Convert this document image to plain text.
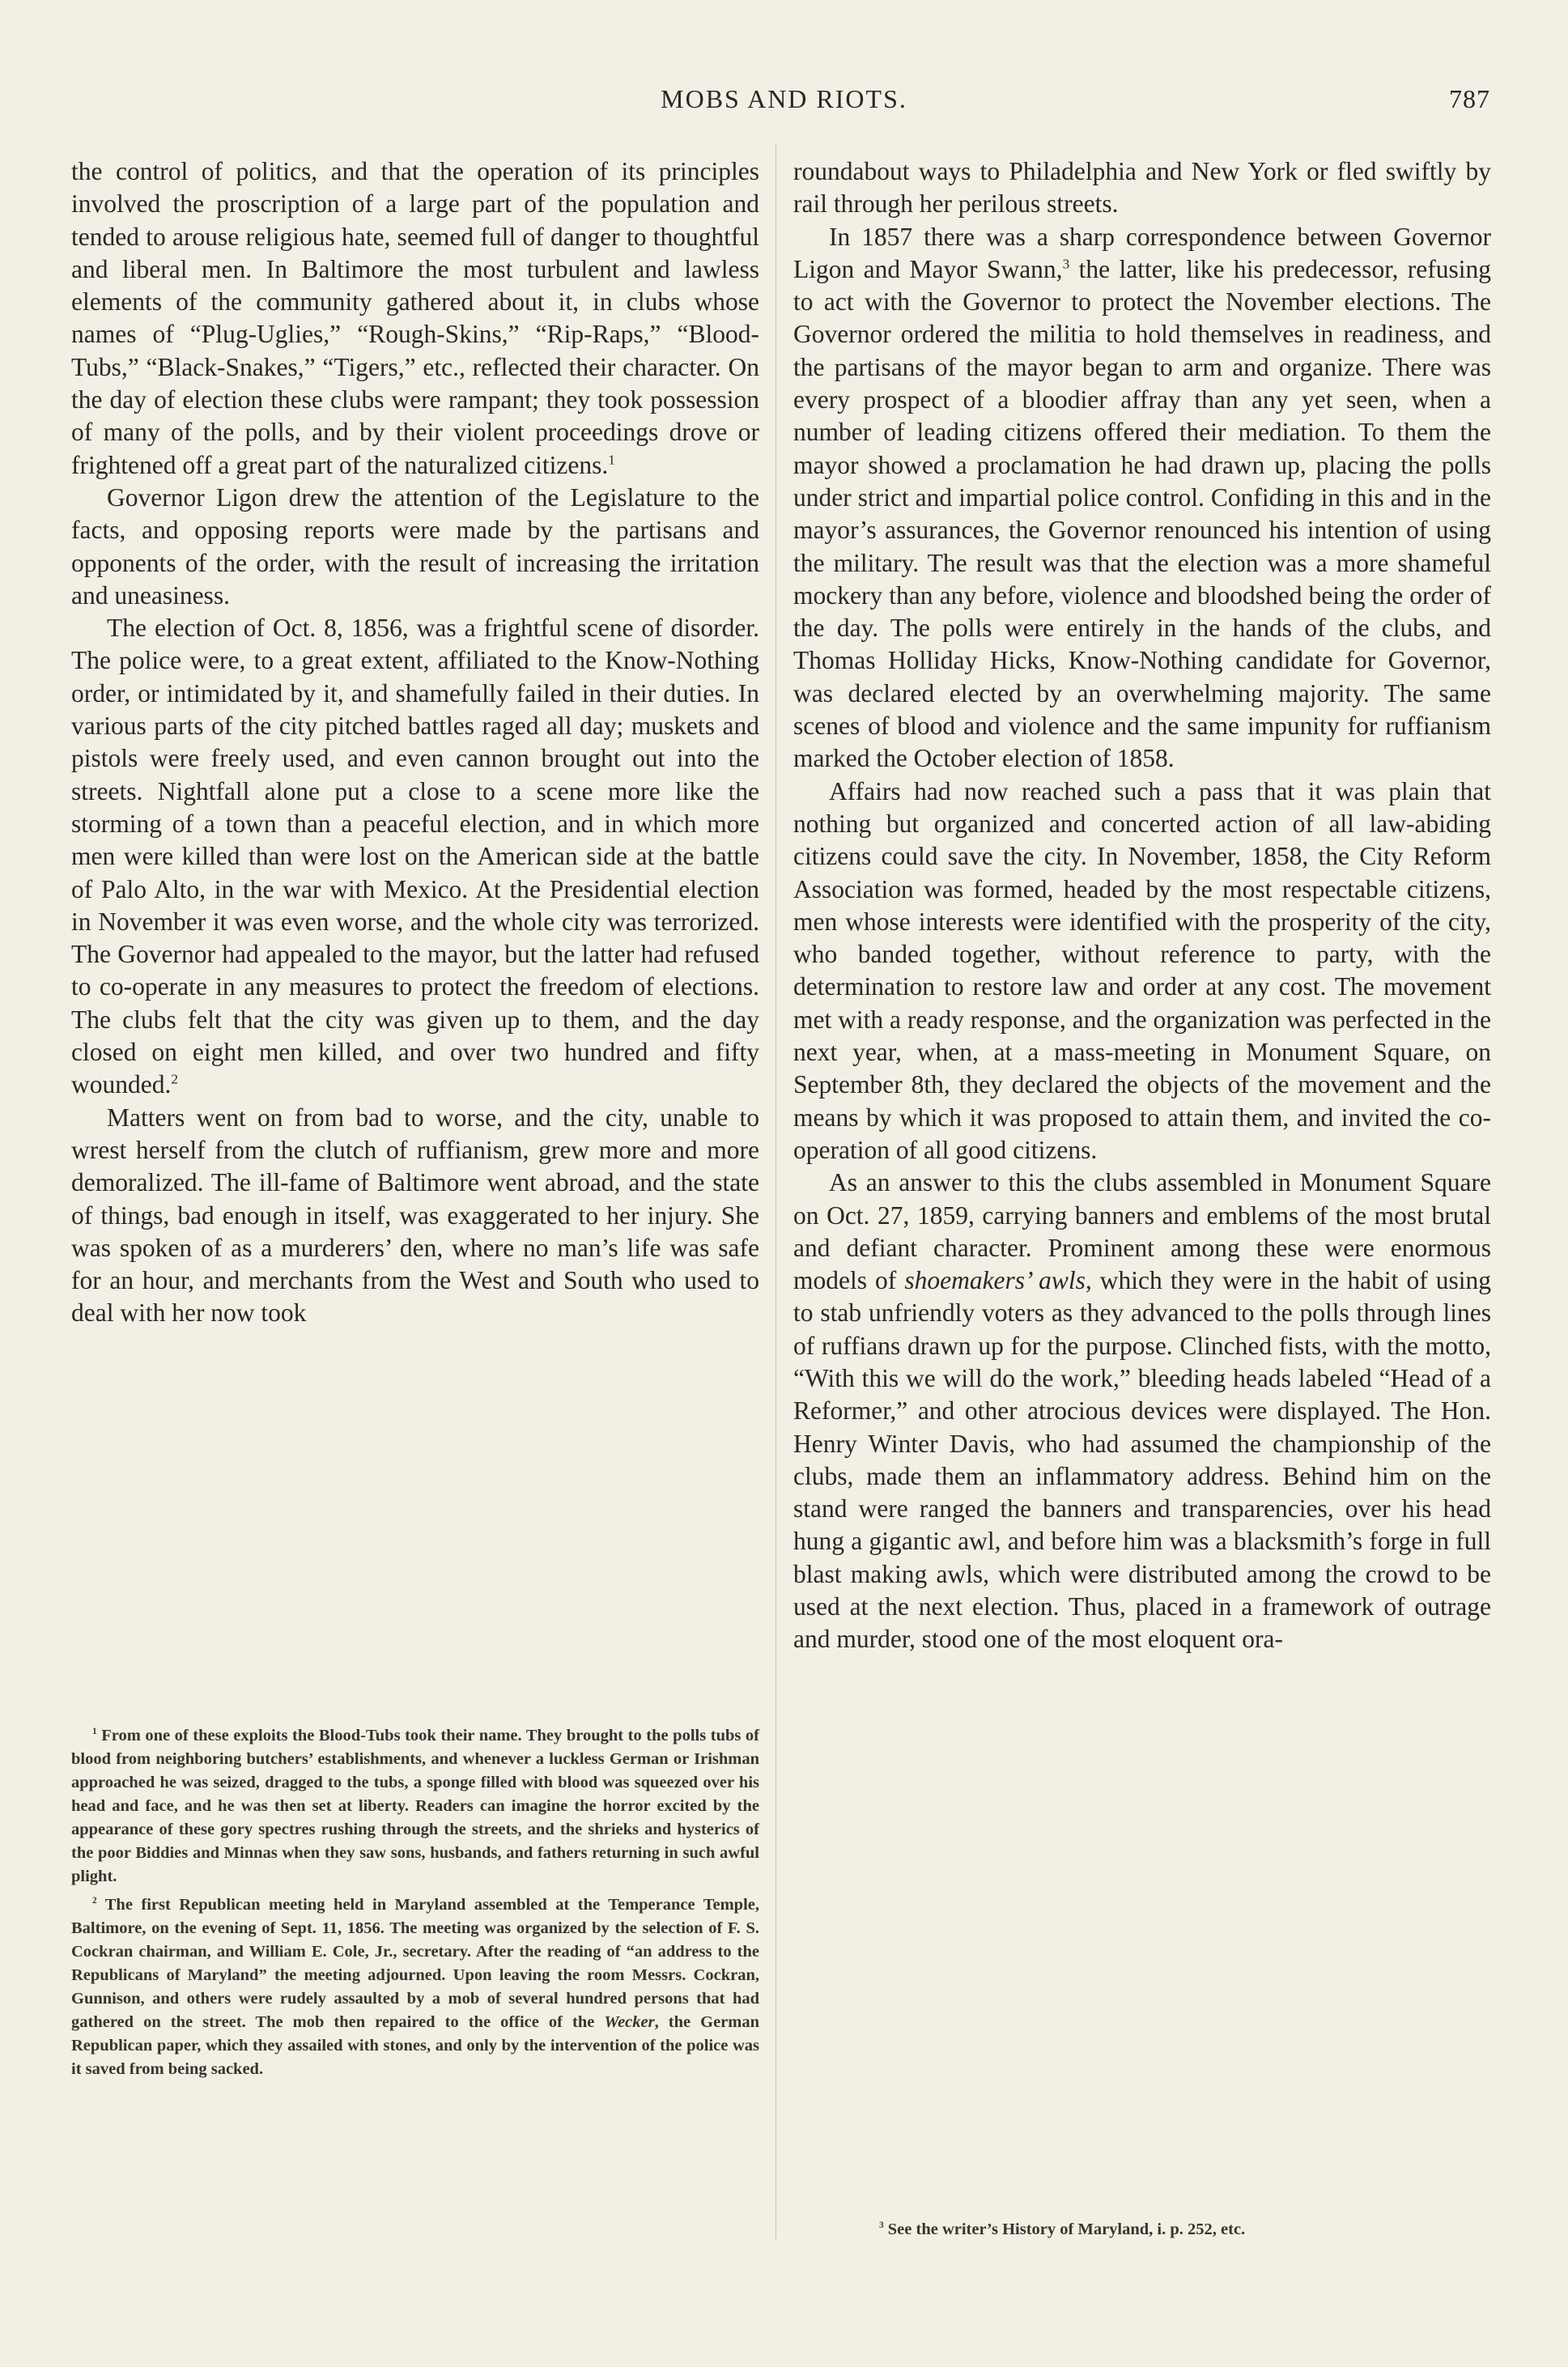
MOBS AND RIOTS.	787

the control of politics, and that the operation of its principles involved the proscription of a large part of the population and tended to arouse religious hate, seemed full of danger to thoughtful and liberal men. In Baltimore the most turbulent and lawless elements of the community gathered about it, in clubs whose names of “Plug-Uglies,” “Rough-Skins,” “Rip-Raps,” “Blood-Tubs,” “Black-Snakes,” “Tigers,” etc., reflected their character. On the day of election these clubs were rampant; they took possession of many of the polls, and by their violent proceedings drove or frightened off a great part of the naturalized citizens.$^1$

Governor Ligon drew the attention of the Legislature to the facts, and opposing reports were made by the partisans and opponents of the order, with the result of increasing the irritation and uneasiness.

The election of Oct. 8, 1856, was a frightful scene of disorder. The police were, to a great extent, affiliated to the Know-Nothing order, or intimidated by it, and shamefully failed in their duties. In various parts of the city pitched battles raged all day; muskets and pistols were freely used, and even cannon brought out into the streets. Nightfall alone put a close to a scene more like the storming of a town than a peaceful election, and in which more men were killed than were lost on the American side at the battle of Palo Alto, in the war with Mexico. At the Presidential election in November it was even worse, and the whole city was terrorized. The Governor had appealed to the mayor, but the latter had refused to co-operate in any measures to protect the freedom of elections. The clubs felt that the city was given up to them, and the day closed on eight men killed, and over two hundred and fifty wounded.$^2$

Matters went on from bad to worse, and the city, unable to wrest herself from the clutch of ruffianism, grew more and more demoralized. The ill-fame of Baltimore went abroad, and the state of things, bad enough in itself, was exaggerated to her injury. She was spoken of as a murderers’ den, where no man’s life was safe for an hour, and merchants from the West and South who used to deal with her now took

$^1$ From one of these exploits the Blood-Tubs took their name. They brought to the polls tubs of blood from neighboring butchers’ establishments, and whenever a luckless German or Irishman approached he was seized, dragged to the tubs, a sponge filled with blood was squeezed over his head and face, and he was then set at liberty. Readers can imagine the horror excited by the appearance of these gory spectres rushing through the streets, and the shrieks and hysterics of the poor Biddies and Minnas when they saw sons, husbands, and fathers returning in such awful plight.

$^2$ The first Republican meeting held in Maryland assembled at the Temperance Temple, Baltimore, on the evening of Sept. 11, 1856. The meeting was organized by the selection of F. S. Cockran chairman, and William E. Cole, Jr., secretary. After the reading of “an address to the Republicans of Maryland” the meeting adjourned. Upon leaving the room Messrs. Cockran, Gunnison, and others were rudely assaulted by a mob of several hundred persons that had gathered on the street. The mob then repaired to the office of the Wecker, the German Republican paper, which they assailed with stones, and only by the intervention of the police was it saved from being sacked.

roundabout ways to Philadelphia and New York or fled swiftly by rail through her perilous streets.

In 1857 there was a sharp correspondence between Governor Ligon and Mayor Swann,$^3$ the latter, like his predecessor, refusing to act with the Governor to protect the November elections. The Governor ordered the militia to hold themselves in readiness, and the partisans of the mayor began to arm and organize. There was every prospect of a bloodier affray than any yet seen, when a number of leading citizens offered their mediation. To them the mayor showed a proclamation he had drawn up, placing the polls under strict and impartial police control. Confiding in this and in the mayor’s assurances, the Governor renounced his intention of using the military. The result was that the election was a more shameful mockery than any before, violence and bloodshed being the order of the day. The polls were entirely in the hands of the clubs, and Thomas Holliday Hicks, Know-Nothing candidate for Governor, was declared elected by an overwhelming majority. The same scenes of blood and violence and the same impunity for ruffianism marked the October election of 1858.

Affairs had now reached such a pass that it was plain that nothing but organized and concerted action of all law-abiding citizens could save the city. In November, 1858, the City Reform Association was formed, headed by the most respectable citizens, men whose interests were identified with the prosperity of the city, who banded together, without reference to party, with the determination to restore law and order at any cost. The movement met with a ready response, and the organization was perfected in the next year, when, at a mass-meeting in Monument Square, on September 8th, they declared the objects of the movement and the means by which it was proposed to attain them, and invited the co-operation of all good citizens.

As an answer to this the clubs assembled in Monument Square on Oct. 27, 1859, carrying banners and emblems of the most brutal and defiant character. Prominent among these were enormous models of shoemakers’ awls, which they were in the habit of using to stab unfriendly voters as they advanced to the polls through lines of ruffians drawn up for the purpose. Clinched fists, with the motto, “With this we will do the work,” bleeding heads labeled “Head of a Reformer,” and other atrocious devices were displayed. The Hon. Henry Winter Davis, who had assumed the championship of the clubs, made them an inflammatory address. Behind him on the stand were ranged the banners and transparencies, over his head hung a gigantic awl, and before him was a blacksmith’s forge in full blast making awls, which were distributed among the crowd to be used at the next election. Thus, placed in a framework of outrage and murder, stood one of the most eloquent ora-

$^3$ See the writer’s History of Maryland, i. p. 252, etc.
